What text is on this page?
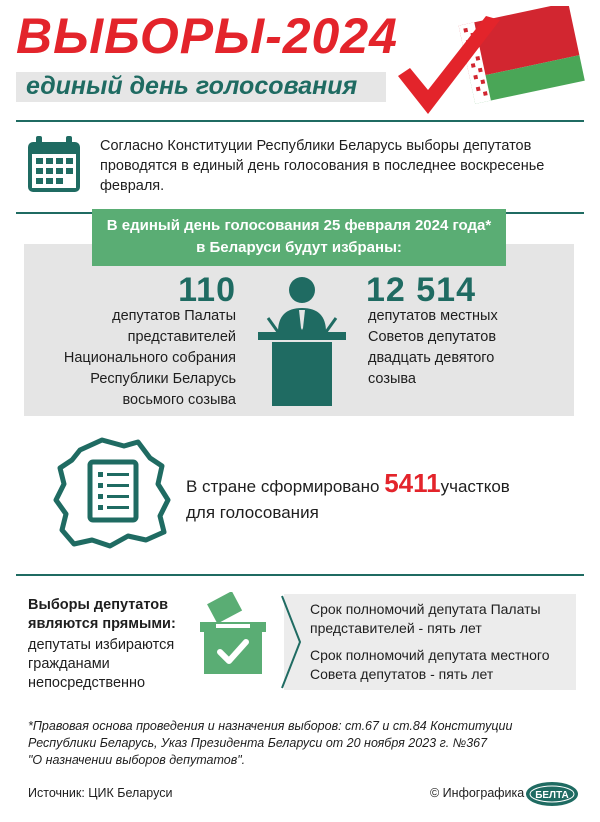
ВЫБОРЫ-2024
единый день голосования
Согласно Конституции Республики Беларусь выборы депутатов проводятся в единый день голосования в последнее воскресенье февраля.
В единый день голосования 25 февраля 2024 года*
в Беларуси будут избраны:
110
депутатов Палаты
представителей
Национального собрания
Республики Беларусь
восьмого созыва
12 514
депутатов местных
Советов депутатов
двадцать девятого
созыва
В стране сформировано 5411участков
для голосования
Выборы депутатов
являются прямыми:
депутаты избираются
гражданами
непосредственно
Срок полномочий депутата Палаты
представителей - пять лет
Срок полномочий депутата местного
Совета депутатов - пять лет
*Правовая основа проведения и назначения выборов: ст.67 и ст.84 Конституции
Республики Беларусь, Указ Президента Беларуси от 20 ноября 2023 г. №367
"О назначении выборов депутатов".
Источник: ЦИК Беларуси	© Инфографика БЕЛТА
